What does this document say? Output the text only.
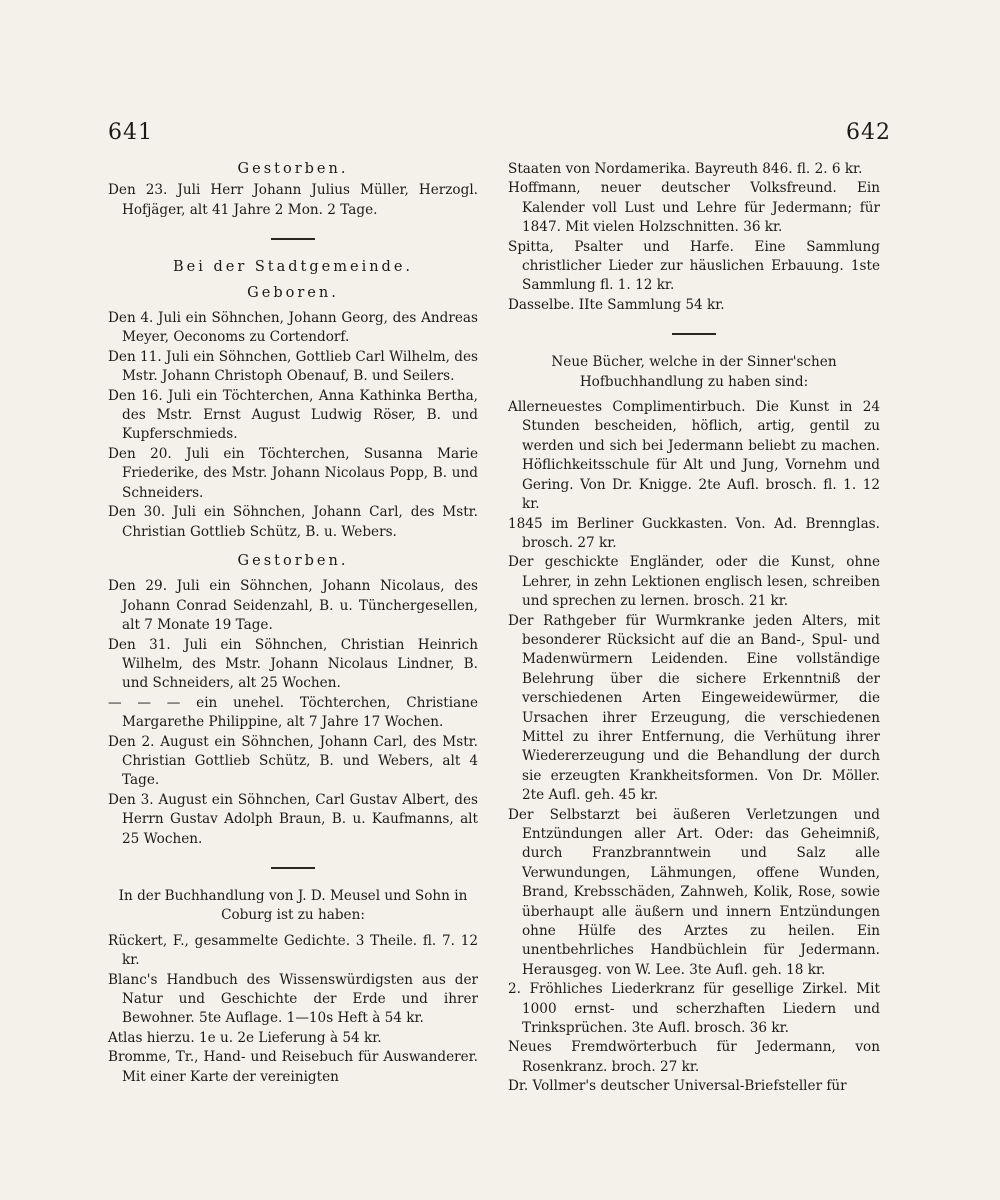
641	642
Gestorben.

Den 23. Juli Herr Johann Julius Müller, Herzogl. Hofjäger, alt 41 Jahre 2 Mon. 2 Tage.

Bei der Stadtgemeinde.
Geboren.

Den 4. Juli ein Söhnchen, Johann Georg, des Andreas Meyer, Oeconoms zu Cortendorf.

Den 11. Juli ein Söhnchen, Gottlieb Carl Wilhelm, des Mstr. Johann Christoph Obenauf, B. und Seilers.

Den 16. Juli ein Töchterchen, Anna Kathinka Bertha, des Mstr. Ernst August Ludwig Röser, B. und Kupferschmieds.

Den 20. Juli ein Töchterchen, Susanna Marie Friederike, des Mstr. Johann Nicolaus Popp, B. und Schneiders.

Den 30. Juli ein Söhnchen, Johann Carl, des Mstr. Christian Gottlieb Schütz, B. u. Webers.

Gestorben.

Den 29. Juli ein Söhnchen, Johann Nicolaus, des Johann Conrad Seidenzahl, B. u. Tünchergesellen, alt 7 Monate 19 Tage.

Den 31. Juli ein Söhnchen, Christian Heinrich Wilhelm, des Mstr. Johann Nicolaus Lindner, B. und Schneiders, alt 25 Wochen.

— — — ein unehel. Töchterchen, Christiane Margarethe Philippine, alt 7 Jahre 17 Wochen.

Den 2. August ein Söhnchen, Johann Carl, des Mstr. Christian Gottlieb Schütz, B. und Webers, alt 4 Tage.

Den 3. August ein Söhnchen, Carl Gustav Albert, des Herrn Gustav Adolph Braun, B. u. Kaufmanns, alt 25 Wochen.

In der Buchhandlung von J. D. Meusel und Sohn in Coburg ist zu haben:

Rückert, F., gesammelte Gedichte. 3 Theile. fl. 7. 12 kr.

Blanc's Handbuch des Wissenswürdigsten aus der Natur und Geschichte der Erde und ihrer Bewohner. 5te Auflage. 1—10s Heft à 54 kr.

Atlas hierzu. 1e u. 2e Lieferung à 54 kr.

Bromme, Tr., Hand- und Reisebuch für Auswanderer. Mit einer Karte der vereinigten

Staaten von Nordamerika. Bayreuth 846. fl. 2. 6 kr.

Hoffmann, neuer deutscher Volksfreund. Ein Kalender voll Lust und Lehre für Jedermann; für 1847. Mit vielen Holzschnitten. 36 kr.

Spitta, Psalter und Harfe. Eine Sammlung christlicher Lieder zur häuslichen Erbauung. 1ste Sammlung fl. 1. 12 kr.

Dasselbe. IIte Sammlung 54 kr.

Neue Bücher, welche in der Sinner'schen Hofbuchhandlung zu haben sind:

Allerneuestes Complimentirbuch. Die Kunst in 24 Stunden bescheiden, höflich, artig, gentil zu werden und sich bei Jedermann beliebt zu machen. Höflichkeitsschule für Alt und Jung, Vornehm und Gering. Von Dr. Knigge. 2te Aufl. brosch. fl. 1. 12 kr.

1845 im Berliner Guckkasten. Von. Ad. Brennglas. brosch. 27 kr.

Der geschickte Engländer, oder die Kunst, ohne Lehrer, in zehn Lektionen englisch lesen, schreiben und sprechen zu lernen. brosch. 21 kr.

Der Rathgeber für Wurmkranke jeden Alters, mit besonderer Rücksicht auf die an Band-, Spul- und Madenwürmern Leidenden. Eine vollständige Belehrung über die sichere Erkenntniß der verschiedenen Arten Eingeweidewürmer, die Ursachen ihrer Erzeugung, die verschiedenen Mittel zu ihrer Entfernung, die Verhütung ihrer Wiedererzeugung und die Behandlung der durch sie erzeugten Krankheitsformen. Von Dr. Möller. 2te Aufl. geh. 45 kr.

Der Selbstarzt bei äußeren Verletzungen und Entzündungen aller Art. Oder: das Geheimniß, durch Franzbranntwein und Salz alle Verwundungen, Lähmungen, offene Wunden, Brand, Krebsschäden, Zahnweh, Kolik, Rose, sowie überhaupt alle äußern und innern Entzündungen ohne Hülfe des Arztes zu heilen. Ein unentbehrliches Handbüchlein für Jedermann. Herausgeg. von W. Lee. 3te Aufl. geh. 18 kr.

2. Fröhliches Liederkranz für gesellige Zirkel. Mit 1000 ernst- und scherzhaften Liedern und Trinksprüchen. 3te Aufl. brosch. 36 kr.

Neues Fremdwörterbuch für Jedermann, von Rosenkranz. broch. 27 kr.

Dr. Vollmer's deutscher Universal-Briefsteller für
